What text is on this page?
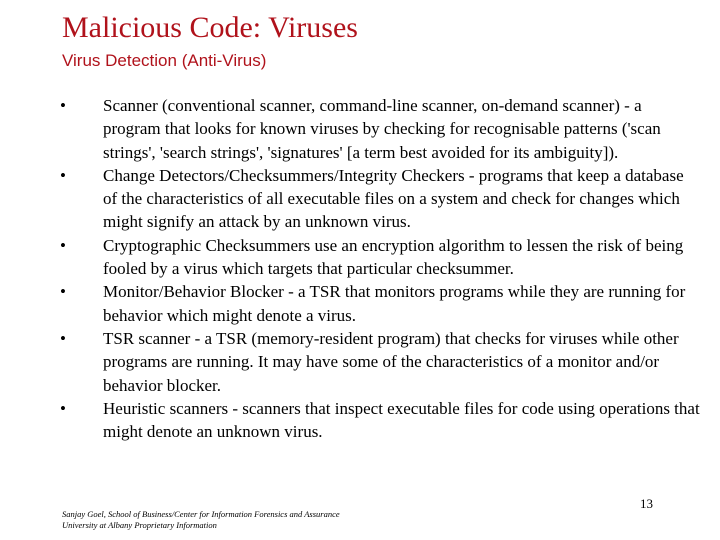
Malicious Code: Viruses
Virus Detection (Anti-Virus)
•	Scanner (conventional scanner, command-line scanner, on-demand scanner) - a program that looks for known viruses by checking for recognisable patterns ('scan strings', 'search strings', 'signatures' [a term best avoided for its ambiguity]).
•	Change Detectors/Checksummers/Integrity Checkers - programs that keep a database of the characteristics of all executable files on a system and check for changes which might signify an attack by an unknown virus.
•	Cryptographic Checksummers use an encryption algorithm to lessen the risk of being fooled by a virus which targets that particular checksummer.
•	Monitor/Behavior Blocker - a TSR that monitors programs while they are running for behavior which might denote a virus.
•	TSR scanner - a TSR (memory-resident program) that checks for viruses while other programs are running. It may have some of the characteristics of a monitor and/or behavior blocker.
•	Heuristic scanners - scanners that inspect executable files for code using operations that might denote an unknown virus.
Sanjay Goel, School of Business/Center for Information Forensics and Assurance
University at Albany Proprietary Information
13
